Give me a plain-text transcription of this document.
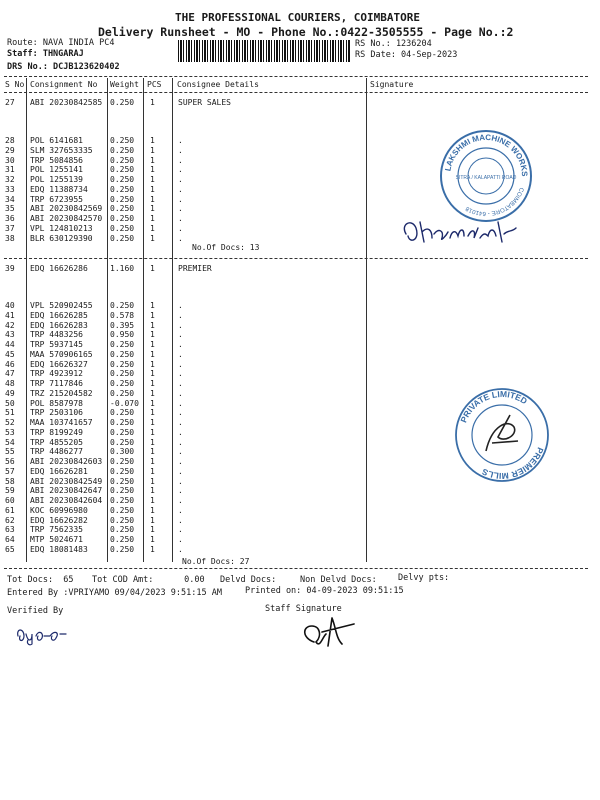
THE PROFESSIONAL COURIERS, COIMBATORE
Delivery Runsheet - MO - Phone No.:0422-3505555 - Page No.:2
Route: NAVA INDIA PC4
Staff: THNGARAJ
DRS No.: DCJB123620402
RS No.: 1236204
RS Date: 04-Sep-2023
S No Consignment No Weight PCS Consignee Details	Signature
27 ABI 20230842585 0.250 1	SUPER SALES
28 POL 6141681	0.250 1	.
29 SLM 327653335 0.250 1	.
30 TRP 5084856	0.250 1	.
31 POL 1255141	0.250 1	.
32 POL 1255139	0.250 1	.
33 EDQ 11388734	0.250 1	.
34 TRP 6723955	0.250 1	.
35 ABI 20230842569 0.250 1	.
36 ABI 20230842570 0.250 1	.
37 VPL 124810213 0.250 1	.
38 BLR 630129390 0.250 1	.
No.Of Docs: 13
39 EDQ 16626286	1.160 1	PREMIER
40 VPL 520902455 0.250 1	.
41 EDQ 16626285	0.578 1	.
42 EDQ 16626283	0.395 1	.
43 TRP 4483256	0.950 1	.
44 TRP 5937145	0.250 1	.
45 MAA 570906165 0.250 1	.
46 EDQ 16626327	0.250 1	.
47 TRP 4923912	0.250 1	.
48 TRP 7117846	0.250 1	.
49 TRZ 215204582 0.250 1	.
50 POL 8587978	-0.070 1	.
51 TRP 2503106	0.250 1	.
52 MAA 103741657 0.250 1	.
53 TRP 8199249	0.250 1	.
54 TRP 4855205	0.250 1	.
55 TRP 4486277	0.300 1	.
56 ABI 20230842603 0.250 1	.
57 EDQ 16626281	0.250 1	.
58 ABI 20230842549 0.250 1	.
59 ABI 20230842647 0.250 1	.
60 ABI 20230842604 0.250 1	.
61 KOC 60996980	0.250 1	.
62 EDQ 16626282	0.250 1	.
63 TRP 7562335	0.250 1	.
64 MTP 5024671	0.250 1	.
65 EDQ 18081483	0.250 1	.
No.Of Docs: 27
LAKSHMI MACHINE WORKS
COIMBATORE - 641018
SITRA / KALAPATTI ROAD
PRIVATE LIMITED
PREMIER MILLS
Tot Docs:  65 Tot COD Amt:      0.00 Delvd Docs:	Non Delvd Docs: Delvy pts:
Entered By :VPRIYAMO 09/04/2023 9:51:15 AM	Printed on: 04-09-2023 09:51:15
Verified By	Staff Signature
